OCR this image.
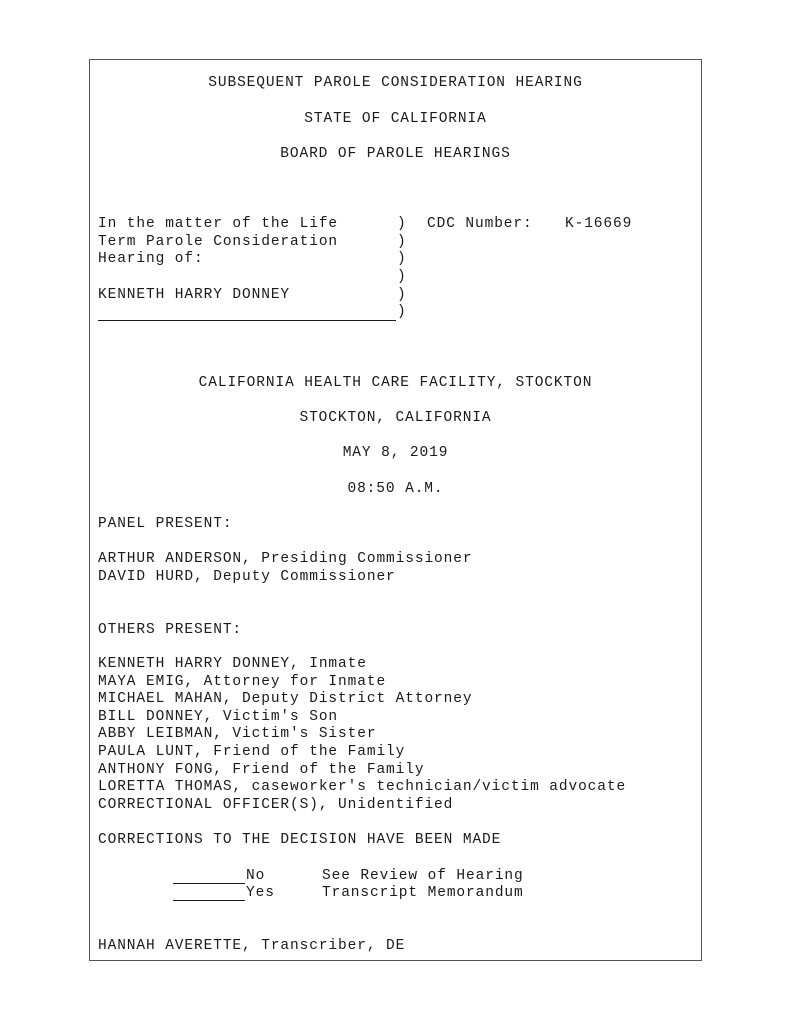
SUBSEQUENT PAROLE CONSIDERATION HEARING
STATE OF CALIFORNIA
BOARD OF PAROLE HEARINGS
In the matter of the Life
Term Parole Consideration
Hearing of:
KENNETH HARRY DONNEY
)
)
)
)
)
)
CDC Number: K-16669
CALIFORNIA HEALTH CARE FACILITY, STOCKTON
STOCKTON, CALIFORNIA
MAY 8, 2019
08:50 A.M.
PANEL PRESENT:
ARTHUR ANDERSON, Presiding Commissioner
DAVID HURD, Deputy Commissioner
OTHERS PRESENT:
KENNETH HARRY DONNEY, Inmate
MAYA EMIG, Attorney for Inmate
MICHAEL MAHAN, Deputy District Attorney
BILL DONNEY, Victim's Son
ABBY LEIBMAN, Victim's Sister
PAULA LUNT, Friend of the Family
ANTHONY FONG, Friend of the Family
LORETTA THOMAS, caseworker's technician/victim advocate
CORRECTIONAL OFFICER(S), Unidentified
CORRECTIONS TO THE DECISION HAVE BEEN MADE
No	See Review of Hearing
Yes	Transcript Memorandum
HANNAH AVERETTE, Transcriber, DE
